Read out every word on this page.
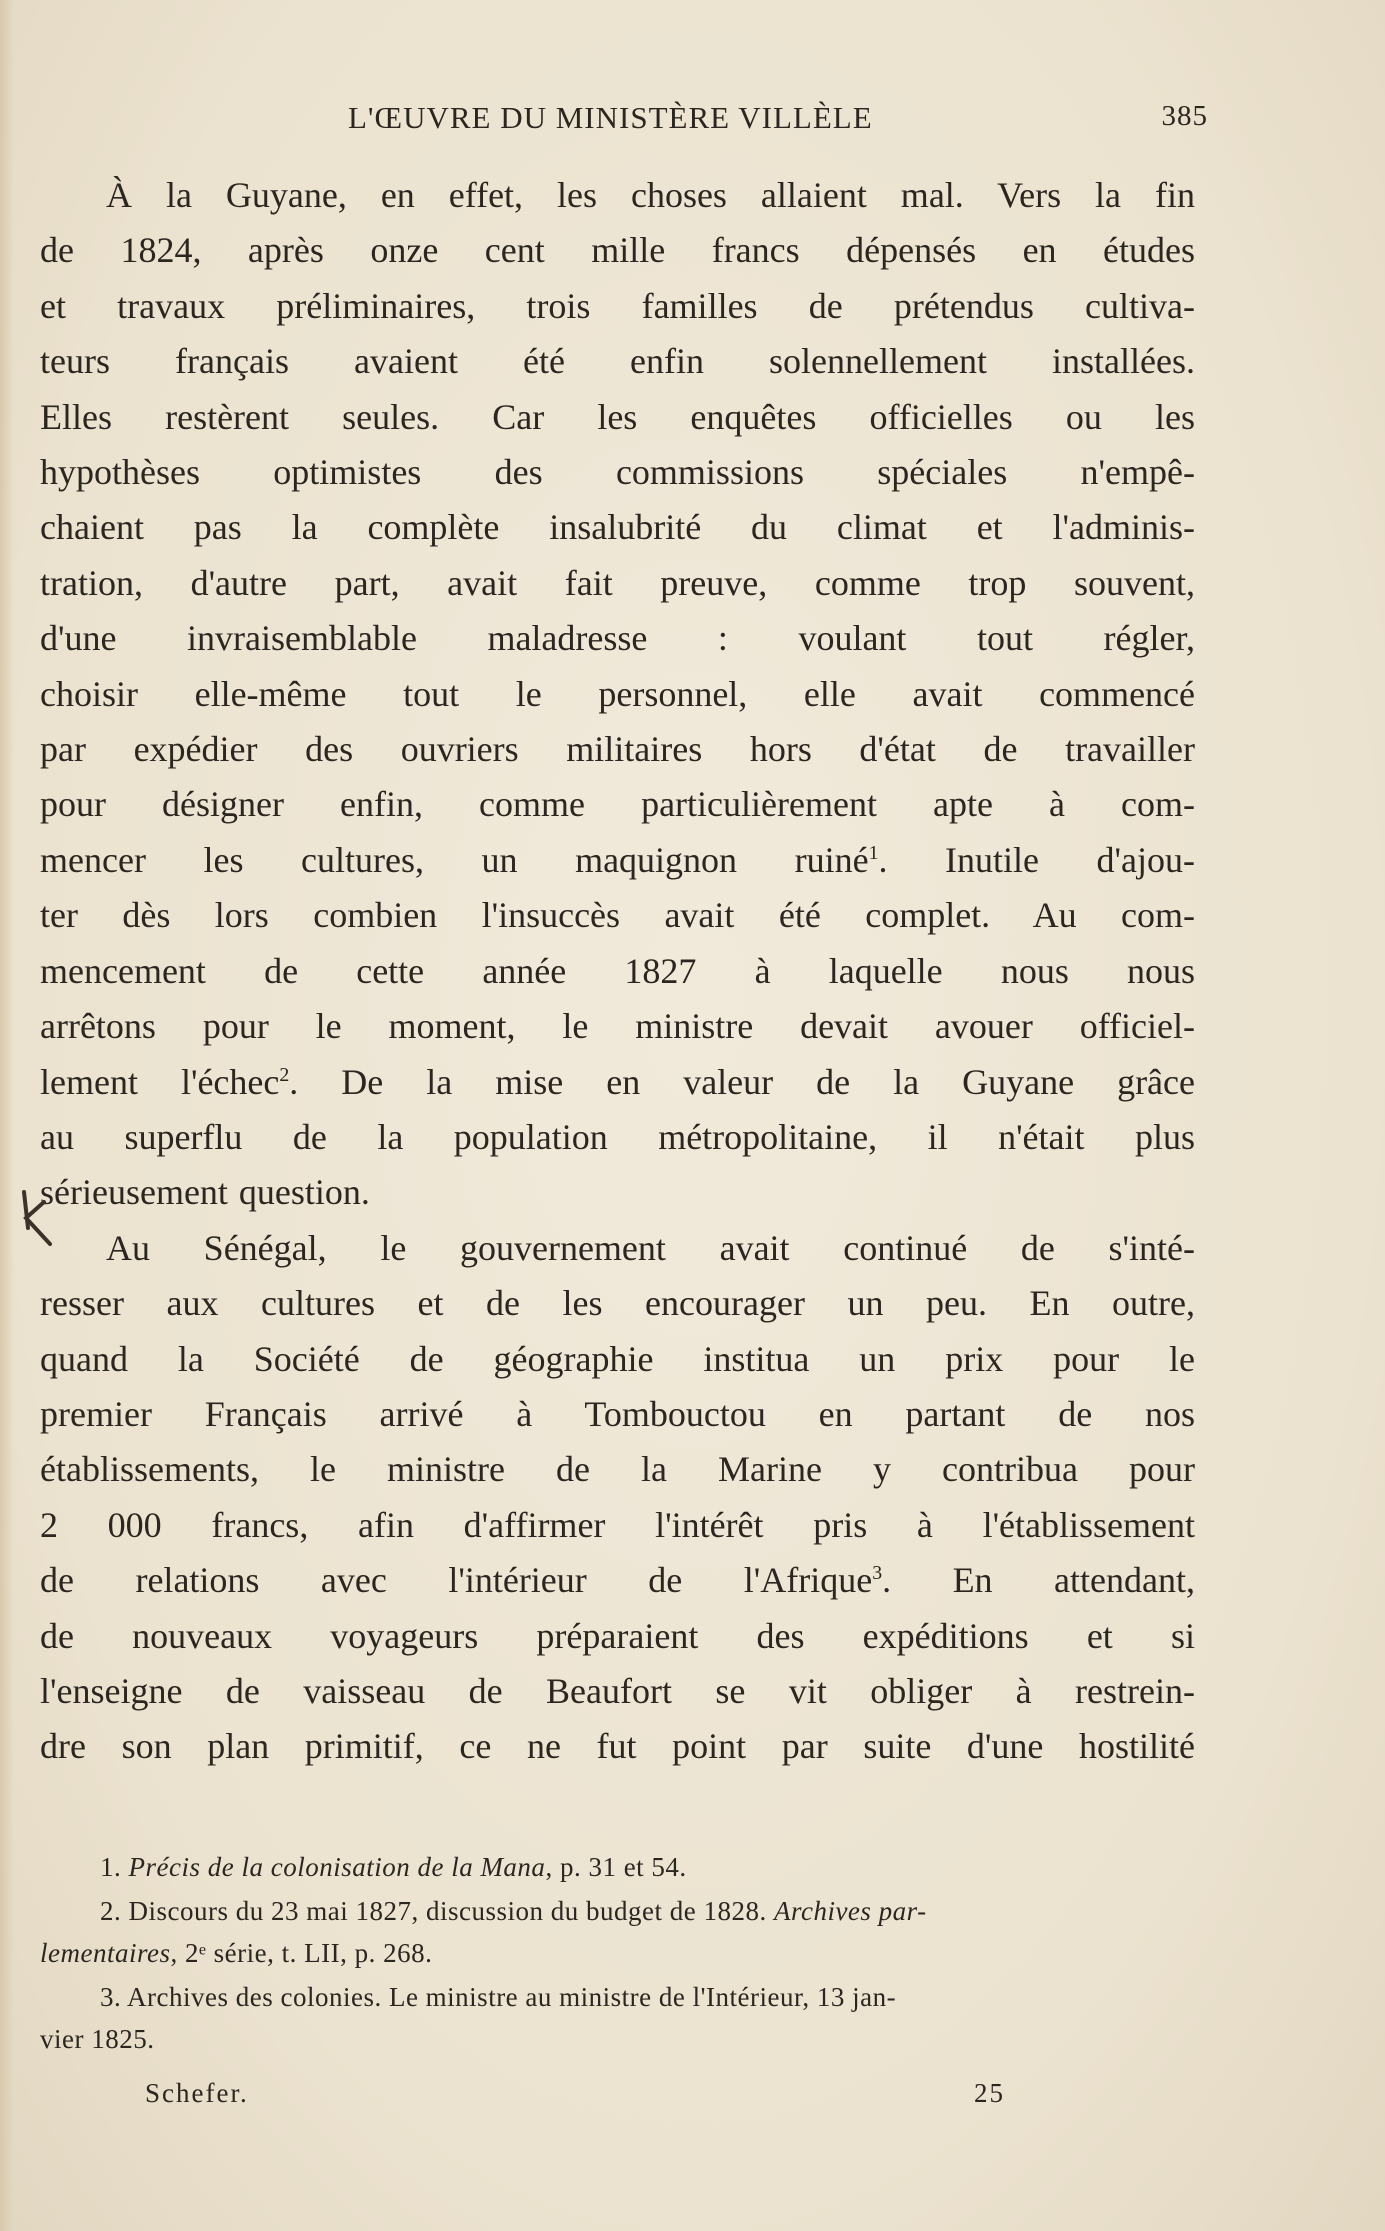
L'ŒUVRE DU MINISTÈRE VILLÈLE	385
À la Guyane, en effet, les choses allaient mal. Vers la fin
de 1824, après onze cent mille francs dépensés en études
et travaux préliminaires, trois familles de prétendus cultiva-
teurs français avaient été enfin solennellement installées.
Elles restèrent seules. Car les enquêtes officielles ou les
hypothèses optimistes des commissions spéciales n'empê-
chaient pas la complète insalubrité du climat et l'adminis-
tration, d'autre part, avait fait preuve, comme trop souvent,
d'une invraisemblable maladresse : voulant tout régler,
choisir elle-même tout le personnel, elle avait commencé
par expédier des ouvriers militaires hors d'état de travailler
pour désigner enfin, comme particulièrement apte à com-
mencer les cultures, un maquignon ruiné$^1$. Inutile d'ajou-
ter dès lors combien l'insuccès avait été complet. Au com-
mencement de cette année 1827 à laquelle nous nous
arrêtons pour le moment, le ministre devait avouer officiel-
lement l'échec$^2$. De la mise en valeur de la Guyane grâce
au superflu de la population métropolitaine, il n'était plus
sérieusement question.
Au Sénégal, le gouvernement avait continué de s'inté-
resser aux cultures et de les encourager un peu. En outre,
quand la Société de géographie institua un prix pour le
premier Français arrivé à Tombouctou en partant de nos
établissements, le ministre de la Marine y contribua pour
2 000 francs, afin d'affirmer l'intérêt pris à l'établissement
de relations avec l'intérieur de l'Afrique$^3$. En attendant,
de nouveaux voyageurs préparaient des expéditions et si
l'enseigne de vaisseau de Beaufort se vit obliger à restrein-
dre son plan primitif, ce ne fut point par suite d'une hostilité
1. Précis de la colonisation de la Mana, p. 31 et 54.
2. Discours du 23 mai 1827, discussion du budget de 1828. Archives par-
lementaires, 2ᵉ série, t. LII, p. 268.
3. Archives des colonies. Le ministre au ministre de l'Intérieur, 13 jan-
vier 1825.
Schefer.	25
